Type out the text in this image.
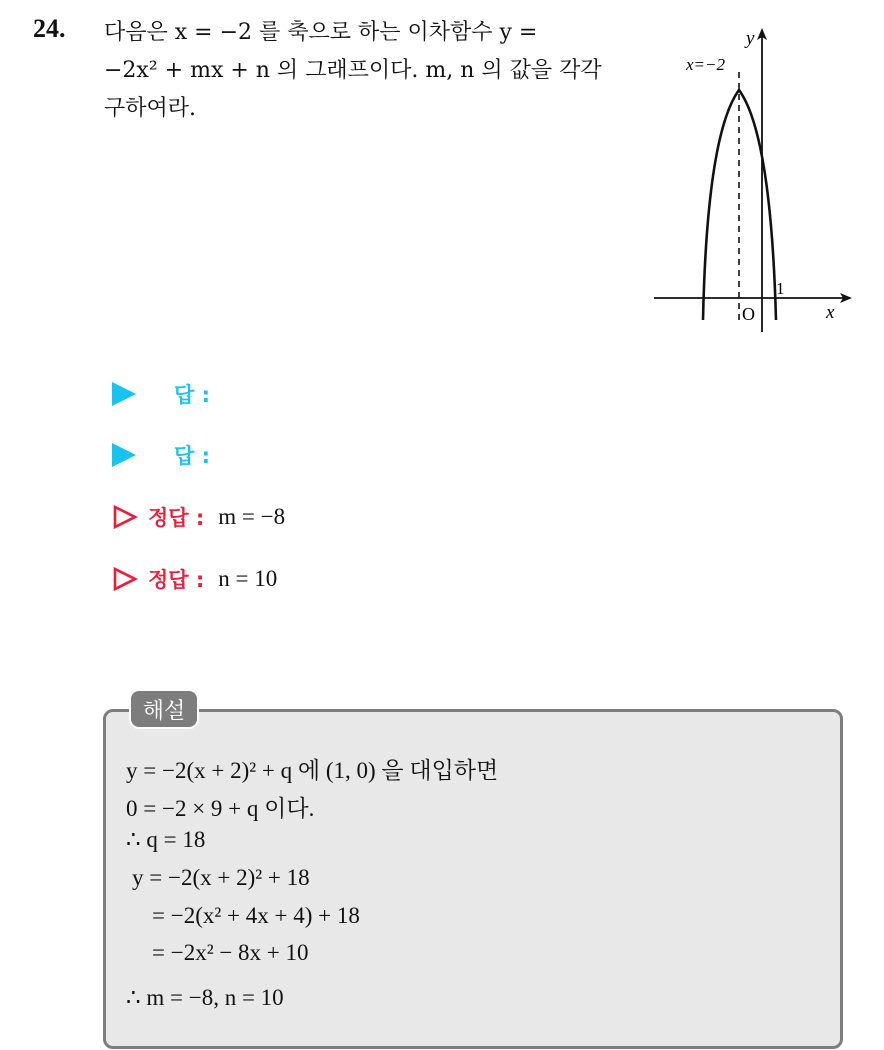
24. 다음은 x = −2 를 축으로 하는 이차함수 y =
−2x² + mx + n 의 그래프이다. m, n 의 값을 각각
구하여라.
y
x=−2
1
O	x
답 :
답 :
정답 : m = −8
정답 : n = 10
y = −2(x + 2)² + q 에 (1, 0) 을 대입하면
0 = −2 × 9 + q 이다.
∴ q = 18
y = −2(x + 2)² + 18
= −2(x² + 4x + 4) + 18
= −2x² − 8x + 10
∴ m = −8, n = 10
해설
